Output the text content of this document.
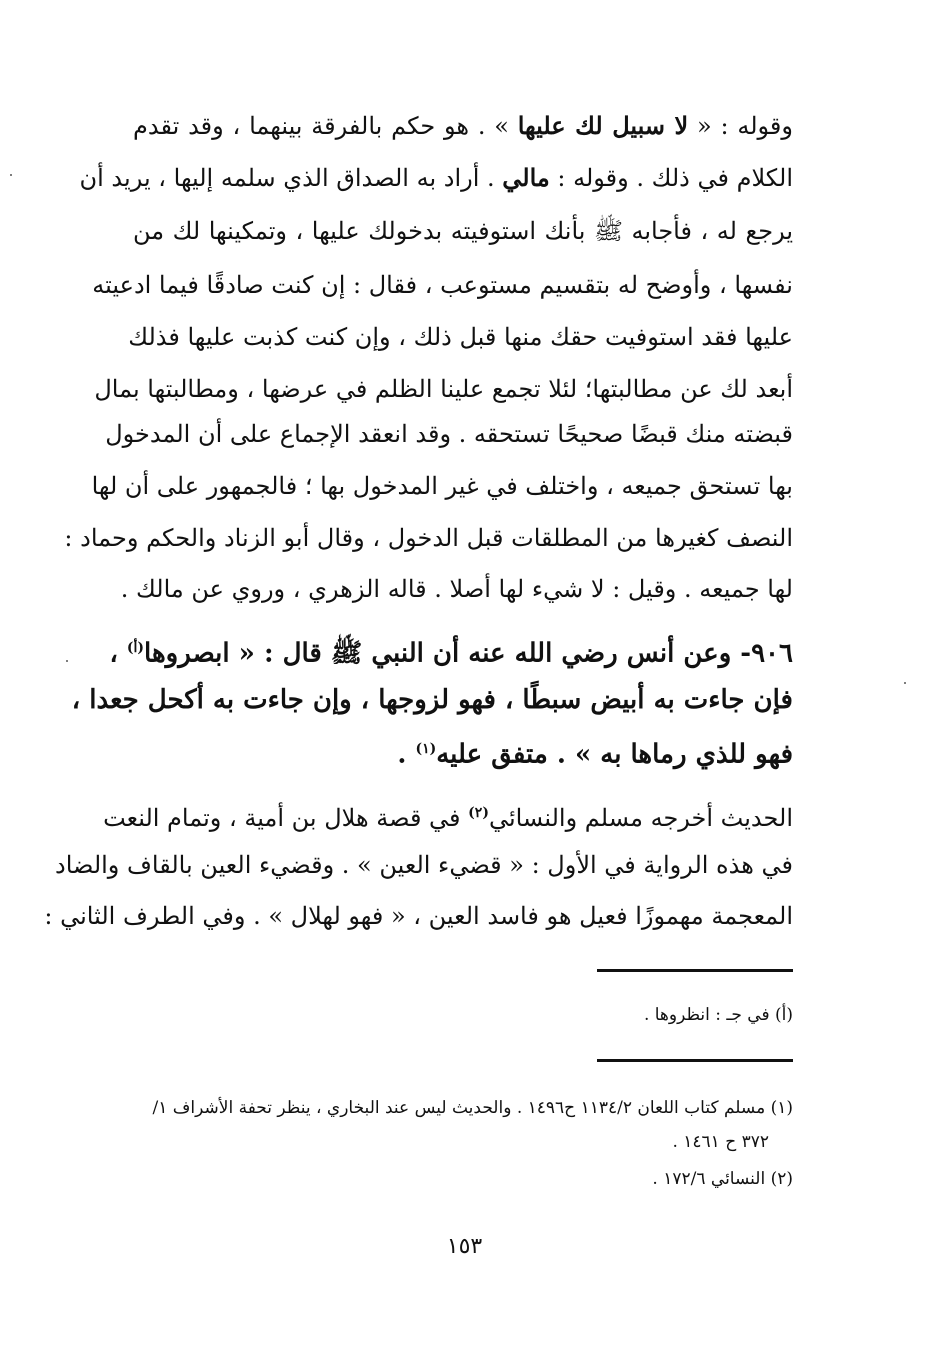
وقوله : « لا سبيل لك عليها » . هو حكم بالفرقة بينهما ، وقد تقدم
الكلام في ذلك . وقوله : مالي . أراد به الصداق الذي سلمه إليها ، يريد أن
يرجع له ، فأجابه ﷺ بأنك استوفيته بدخولك عليها ، وتمكينها لك من
نفسها ، وأوضح له بتقسيم مستوعب ، فقال : إن كنت صادقًا فيما ادعيته
عليها فقد استوفيت حقك منها قبل ذلك ، وإن كنت كذبت عليها فذلك
أبعد لك عن مطالبتها؛ لئلا تجمع علينا الظلم في عرضها ، ومطالبتها بمال
قبضته منك قبضًا صحيحًا تستحقه . وقد انعقد الإجماع على أن المدخول
بها تستحق جميعه ، واختلف في غير المدخول بها ؛ فالجمهور على أن لها
النصف كغيرها من المطلقات قبل الدخول ، وقال أبو الزناد والحكم وحماد :
لها جميعه . وقيل : لا شيء لها أصلا . قاله الزهري ، وروي عن مالك .
٩٠٦- وعن أنس رضي الله عنه أن النبي ﷺ قال : « ابصروها$^{(أ)}$ ،
فإن جاءت به أبيض سبطًا ، فهو لزوجها ، وإن جاءت به أكحل جعدا ،
فهو للذي رماها به » . متفق عليه$^{(١)}$ .
الحديث أخرجه مسلم والنسائي$^{(٢)}$ في قصة هلال بن أمية ، وتمام النعت
في هذه الرواية في الأول : « قضيء العين » . وقضيء العين بالقاف والضاد
المعجمة مهموزًا فعيل هو فاسد العين ، « فهو لهلال » . وفي الطرف الثاني :
(أ) في جـ : انظروها .
(١) مسلم كتاب اللعان ١١٣٤/٢ ح١٤٩٦ . والحديث ليس عند البخاري ، ينظر تحفة الأشراف ١/
٣٧٢ ح ١٤٦١ .
(٢) النسائي ١٧٢/٦ .
١٥٣
